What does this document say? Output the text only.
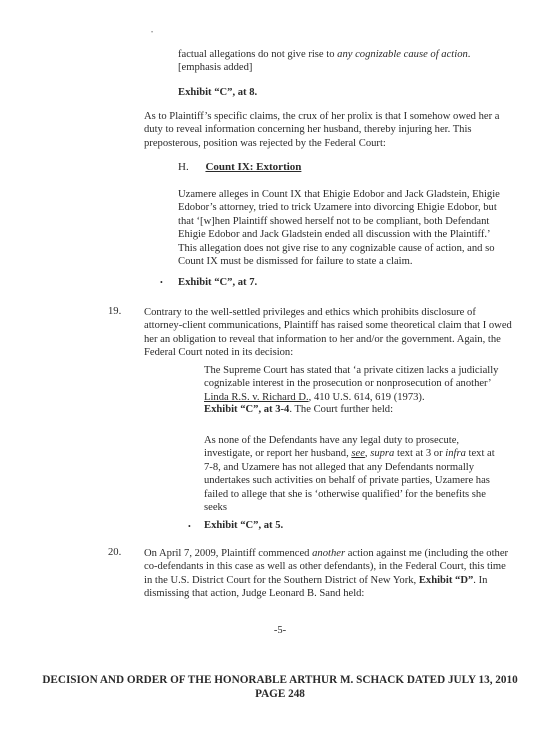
•
factual allegations do not give rise to any cognizable cause of action.
[emphasis added]
Exhibit “C”, at 8.
As to Plaintiff’s specific claims, the crux of her prolix is that I somehow owed her a duty to reveal information concerning her husband, thereby injuring her. This preposterous, position was rejected by the Federal Court:
H. Count IX: Extortion
Uzamere alleges in Count IX that Ehigie Edobor and Jack Gladstein, Ehigie Edobor’s attorney, tried to trick Uzamere into divorcing Ehigie Edobor, but that ‘[w]hen Plaintiff showed herself not to be compliant, both Defendant Ehigie Edobor and Jack Gladstein ended all discussion with the Plaintiff.’ This allegation does not give rise to any cognizable cause of action, and so Count IX must be dismissed for failure to state a claim.
• Exhibit “C”, at 7.
19. Contrary to the well-settled privileges and ethics which prohibits disclosure of attorney-client communications, Plaintiff has raised some theoretical claim that I owed her an obligation to reveal that information to her and/or the government. Again, the Federal Court noted in its decision:
The Supreme Court has stated that ‘a private citizen lacks a judicially cognizable interest in the prosecution or nonprosecution of another’ Linda R.S. v. Richard D., 410 U.S. 614, 619 (1973).
Exhibit “C”, at 3-4. The Court further held:
As none of the Defendants have any legal duty to prosecute, investigate, or report her husband, see, supra text at 3 or infra text at 7-8, and Uzamere has not alleged that any Defendants normally undertakes such activities on behalf of private parties, Uzamere has failed to allege that she is ‘otherwise qualified’ for the benefits she seeks
• Exhibit “C”, at 5.
20. On April 7, 2009, Plaintiff commenced another action against me (including the other co-defendants in this case as well as other defendants), in the Federal Court, this time in the U.S. District Court for the Southern District of New York, Exhibit “D”. In dismissing that action, Judge Leonard B. Sand held:
-5-
DECISION AND ORDER OF THE HONORABLE ARTHUR M. SCHACK DATED JULY 13, 2010
PAGE 248
